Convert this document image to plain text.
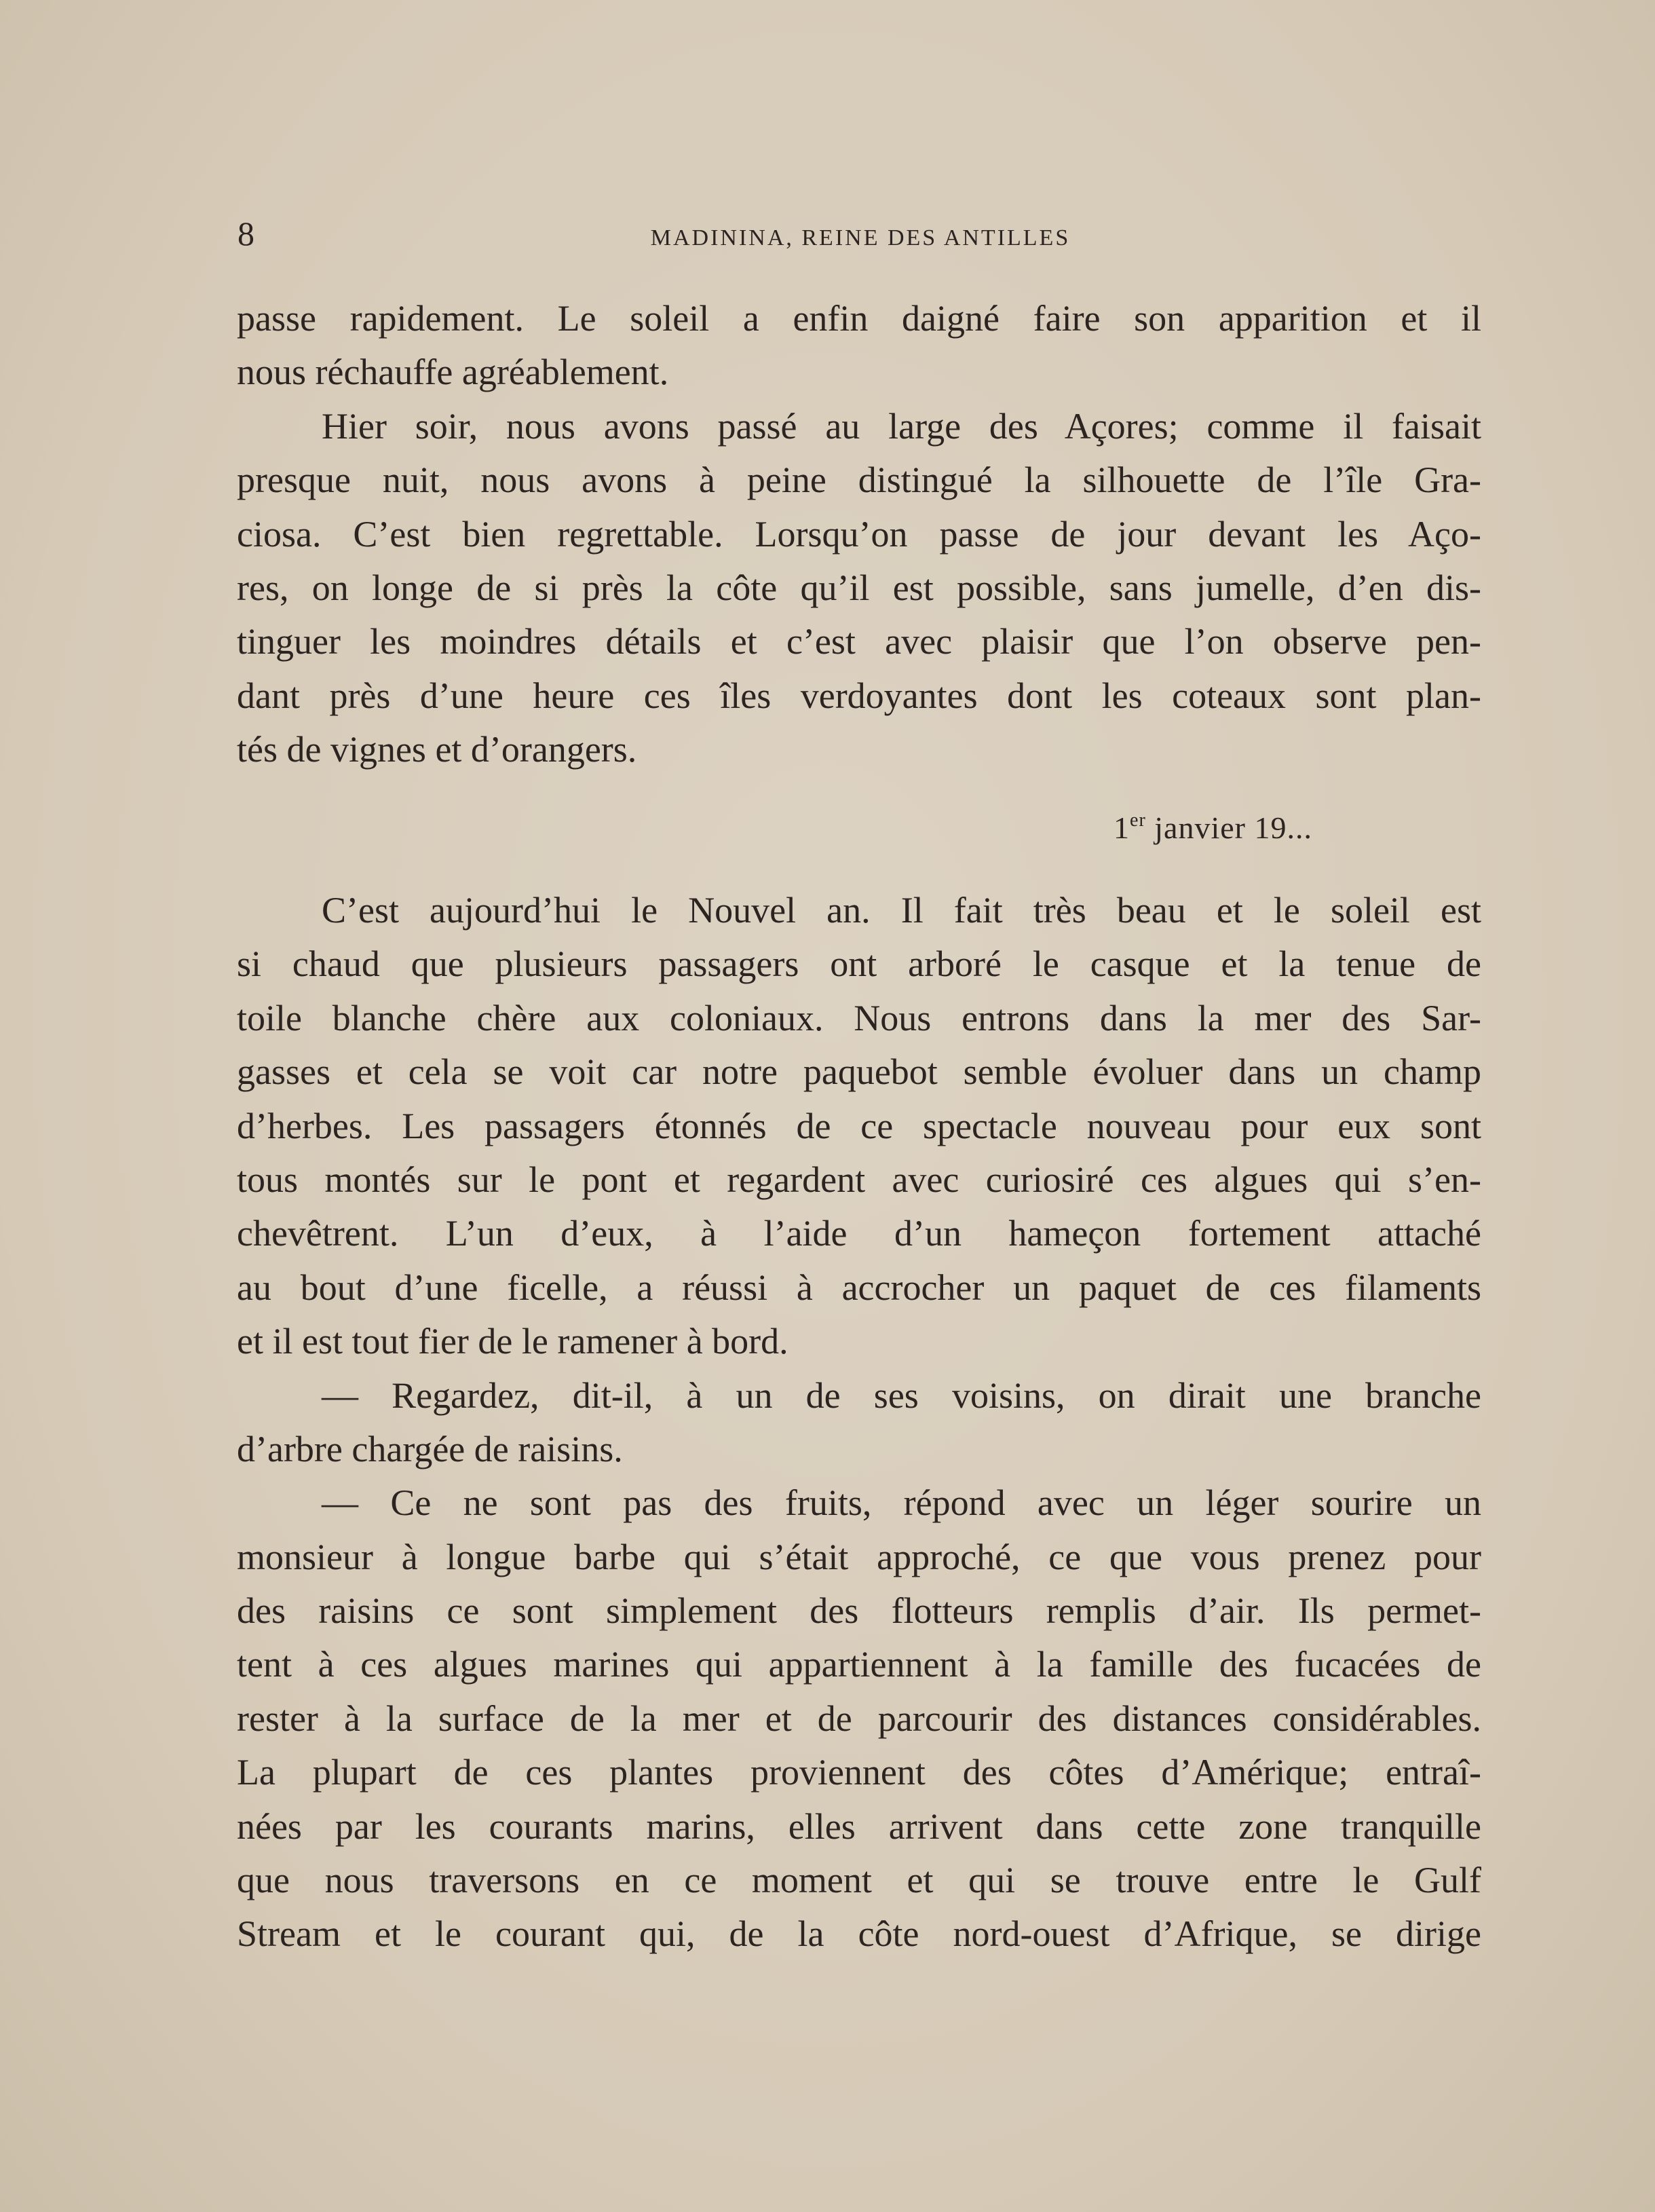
8	MADININA, REINE DES ANTILLES
passe rapidement. Le soleil a enfin daigné faire son apparition et il
nous réchauffe agréablement.
Hier soir, nous avons passé au large des Açores; comme il faisait
presque nuit, nous avons à peine distingué la silhouette de l’île Gra-
ciosa. C’est bien regrettable. Lorsqu’on passe de jour devant les Aço-
res, on longe de si près la côte qu’il est possible, sans jumelle, d’en dis-
tinguer les moindres détails et c’est avec plaisir que l’on observe pen-
dant près d’une heure ces îles verdoyantes dont les coteaux sont plan-
tés de vignes et d’orangers.
1er janvier 19...
C’est aujourd’hui le Nouvel an. Il fait très beau et le soleil est
si chaud que plusieurs passagers ont arboré le casque et la tenue de
toile blanche chère aux coloniaux. Nous entrons dans la mer des Sar-
gasses et cela se voit car notre paquebot semble évoluer dans un champ
d’herbes. Les passagers étonnés de ce spectacle nouveau pour eux sont
tous montés sur le pont et regardent avec curiosiré ces algues qui s’en-
chevêtrent. L’un d’eux, à l’aide d’un hameçon fortement attaché
au bout d’une ficelle, a réussi à accrocher un paquet de ces filaments
et il est tout fier de le ramener à bord.
— Regardez, dit-il, à un de ses voisins, on dirait une branche
d’arbre chargée de raisins.
— Ce ne sont pas des fruits, répond avec un léger sourire un
monsieur à longue barbe qui s’était approché, ce que vous prenez pour
des raisins ce sont simplement des flotteurs remplis d’air. Ils permet-
tent à ces algues marines qui appartiennent à la famille des fucacées de
rester à la surface de la mer et de parcourir des distances considérables.
La plupart de ces plantes proviennent des côtes d’Amérique; entraî-
nées par les courants marins, elles arrivent dans cette zone tranquille
que nous traversons en ce moment et qui se trouve entre le Gulf
Stream et le courant qui, de la côte nord-ouest d’Afrique, se dirige
